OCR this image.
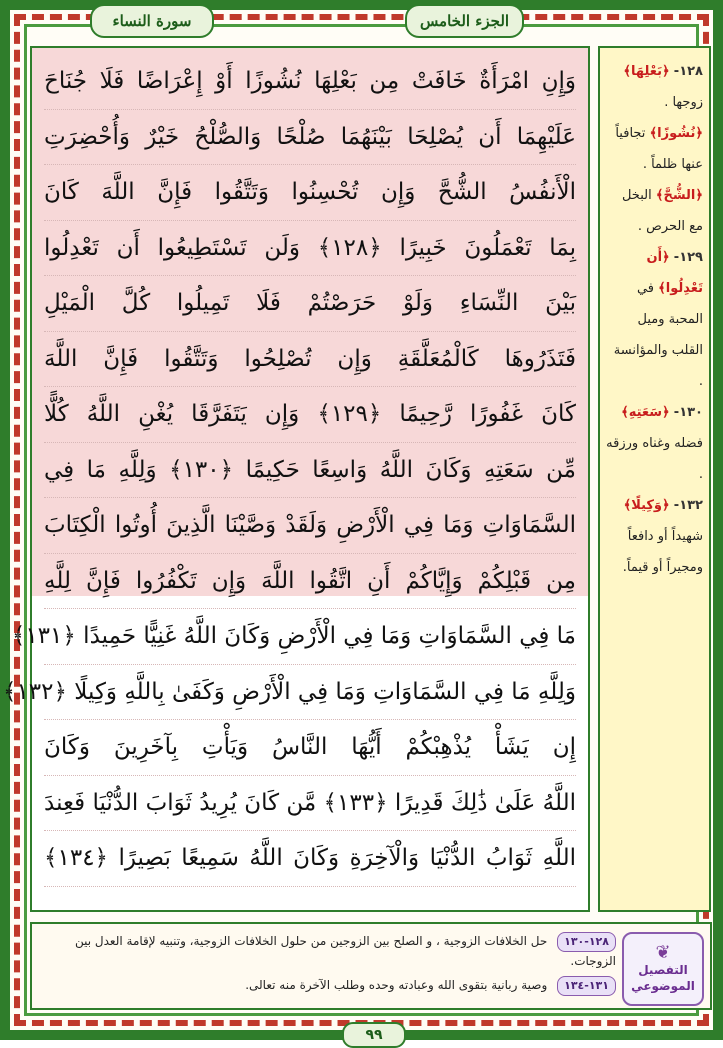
سورة النساء	الجزء الخامس
وَإِنِ امْرَأَةٌ خَافَتْ مِن بَعْلِهَا نُشُوزًا أَوْ إِعْرَاضًا فَلَا جُنَاحَ
عَلَيْهِمَا أَن يُصْلِحَا بَيْنَهُمَا صُلْحًا وَالصُّلْحُ خَيْرٌ وَأُحْضِرَتِ
الْأَنفُسُ الشُّحَّ وَإِن تُحْسِنُوا وَتَتَّقُوا فَإِنَّ اللَّهَ كَانَ
بِمَا تَعْمَلُونَ خَبِيرًا ﴿١٢٨﴾ وَلَن تَسْتَطِيعُوا أَن تَعْدِلُوا
بَيْنَ النِّسَاءِ وَلَوْ حَرَصْتُمْ فَلَا تَمِيلُوا كُلَّ الْمَيْلِ
فَتَذَرُوهَا كَالْمُعَلَّقَةِ وَإِن تُصْلِحُوا وَتَتَّقُوا فَإِنَّ اللَّهَ
كَانَ غَفُورًا رَّحِيمًا ﴿١٢٩﴾ وَإِن يَتَفَرَّقَا يُغْنِ اللَّهُ كُلًّا
مِّن سَعَتِهِ وَكَانَ اللَّهُ وَاسِعًا حَكِيمًا ﴿١٣٠﴾ وَلِلَّهِ مَا فِي
السَّمَاوَاتِ وَمَا فِي الْأَرْضِ وَلَقَدْ وَصَّيْنَا الَّذِينَ أُوتُوا الْكِتَابَ
مِن قَبْلِكُمْ وَإِيَّاكُمْ أَنِ اتَّقُوا اللَّهَ وَإِن تَكْفُرُوا فَإِنَّ لِلَّهِ
مَا فِي السَّمَاوَاتِ وَمَا فِي الْأَرْضِ وَكَانَ اللَّهُ غَنِيًّا حَمِيدًا ﴿١٣١﴾
وَلِلَّهِ مَا فِي السَّمَاوَاتِ وَمَا فِي الْأَرْضِ وَكَفَىٰ بِاللَّهِ وَكِيلًا ﴿١٣٢﴾
إِن يَشَأْ يُذْهِبْكُمْ أَيُّهَا النَّاسُ وَيَأْتِ بِآخَرِينَ وَكَانَ
اللَّهُ عَلَىٰ ذَٰلِكَ قَدِيرًا ﴿١٣٣﴾ مَّن كَانَ يُرِيدُ ثَوَابَ الدُّنْيَا فَعِندَ
اللَّهِ ثَوَابُ الدُّنْيَا وَالْآخِرَةِ وَكَانَ اللَّهُ سَمِيعًا بَصِيرًا ﴿١٣٤﴾
١٢٨- ﴿بَعْلِهَا﴾ زوجها .
﴿نُشُوزًا﴾ تجافياً عنها ظلماً .
﴿الشُّحَّ﴾ البخل مع الحرص .
١٢٩- ﴿أَن تَعْدِلُوا﴾ في المحبة وميل القلب والمؤانسة .
١٣٠- ﴿سَعَتِهِ﴾ فضله وغناه ورزقه .
١٣٢- ﴿وَكِيلًا﴾ شهيداً أو دافعاً ومجيراً أو قيماً.
❦
التفصيل
الموضوعي
١٢٨-١٣٠ حل الخلافات الزوجية ، و الصلح بين الزوجين من حلول الخلافات الزوجية، وتنبيه لإقامة العدل بين الزوجات.
١٣١-١٣٤ وصية ربانية بتقوى الله وعبادته وحده وطلب الآخرة منه تعالى.
٩٩
